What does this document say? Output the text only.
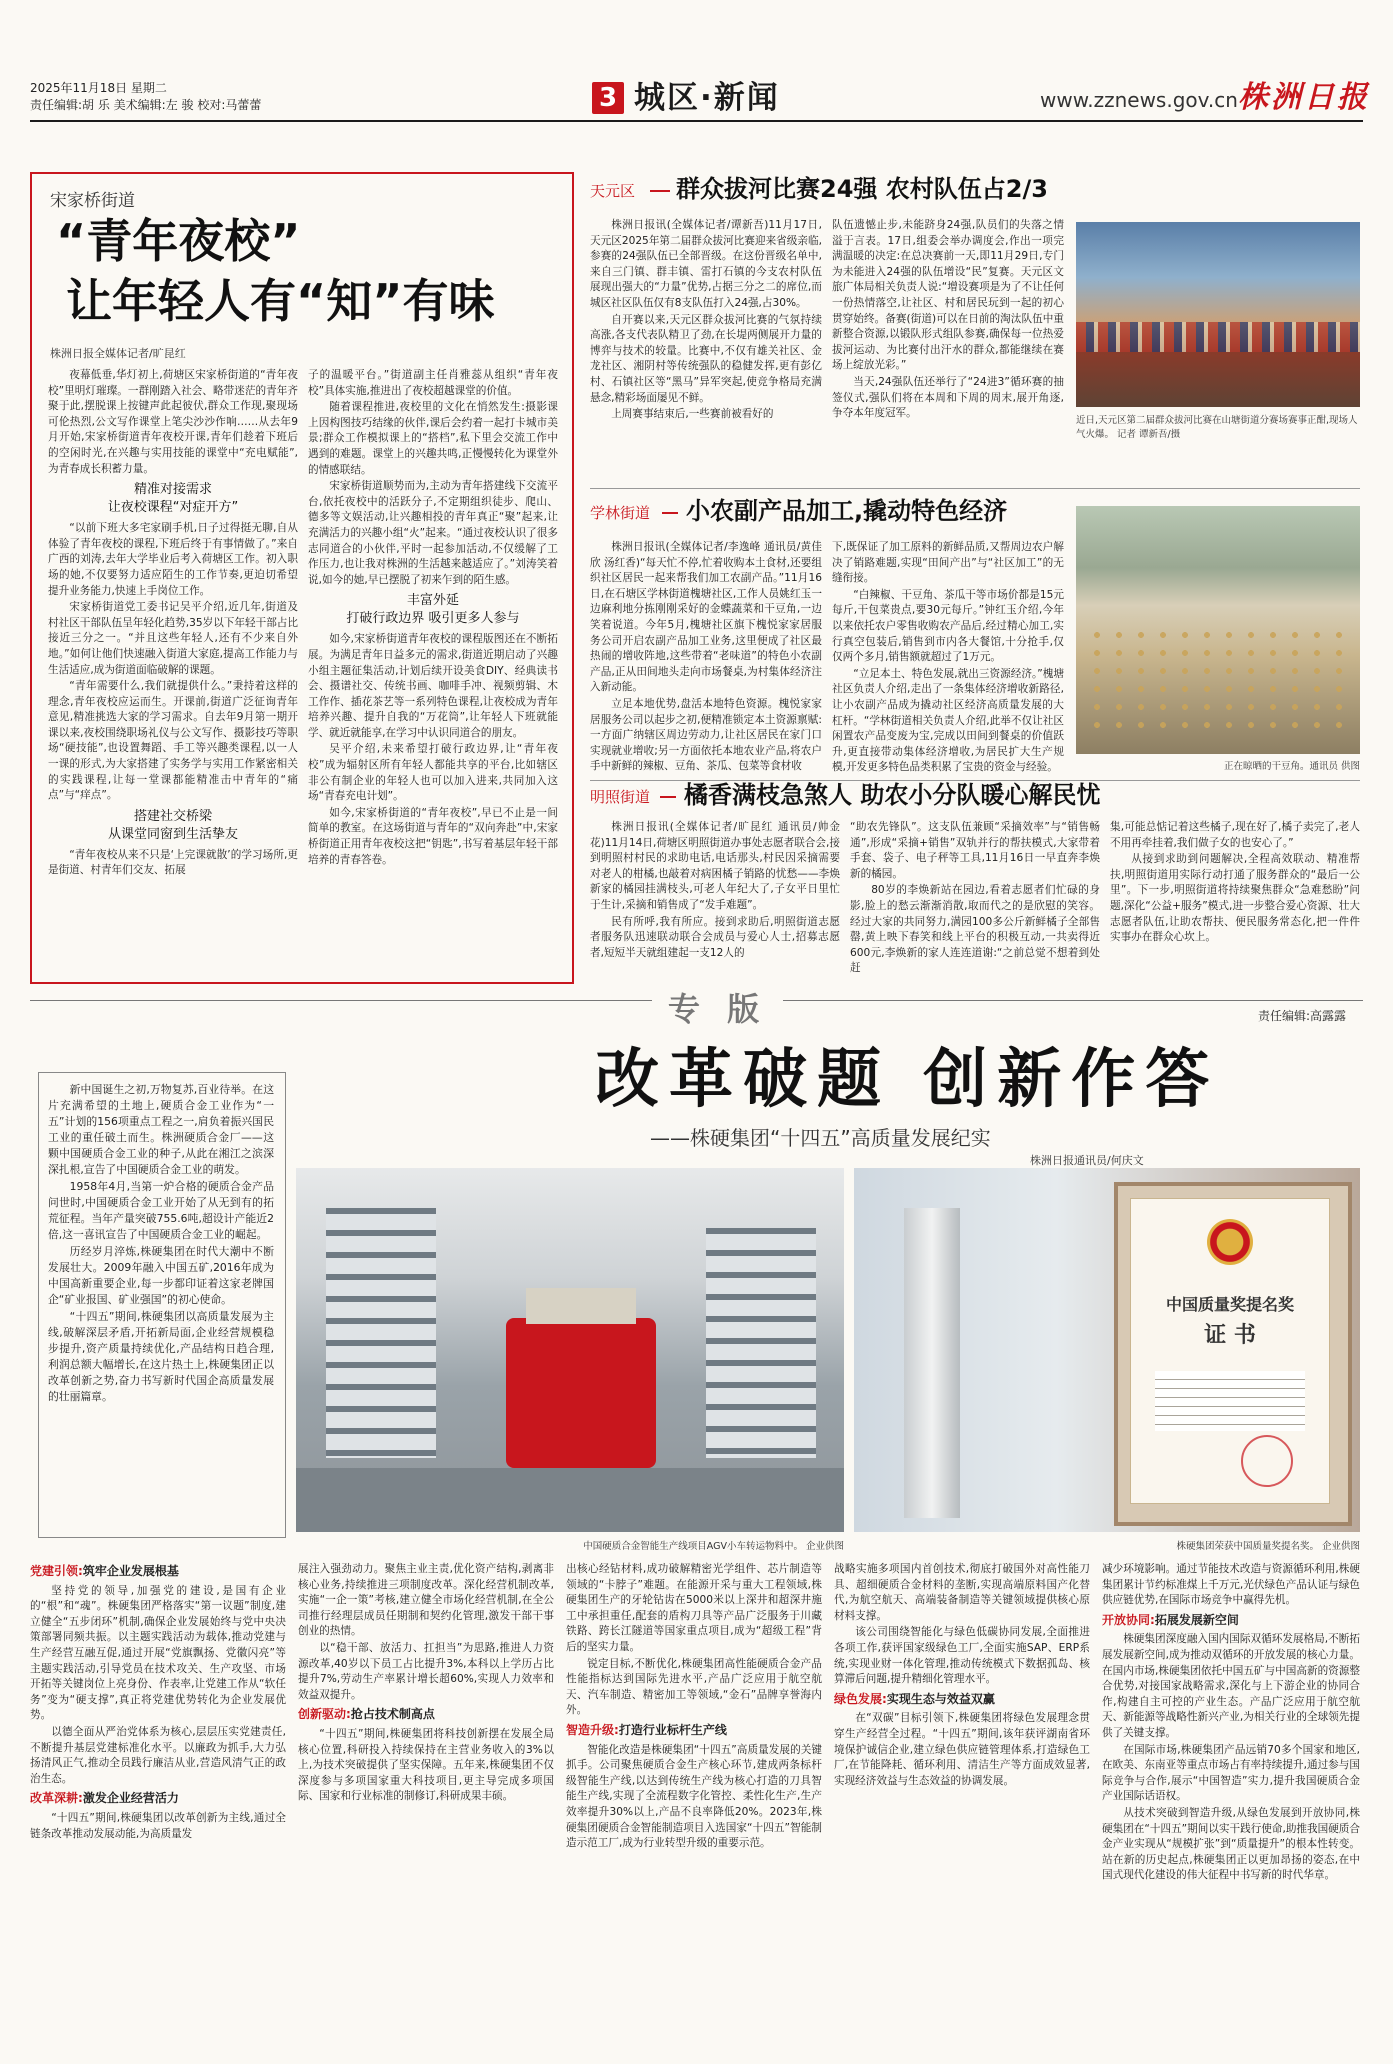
2025年11月18日 星期二
责任编辑:胡 乐 美术编辑:左 骏 校对:马蕾蕾	3 城区·新闻	www.zznews.gov.cn 株洲日报
宋家桥街道
“青年夜校”
让年轻人有“知”有味
株洲日报全媒体记者/旷昆红

夜幕低垂,华灯初上,荷塘区宋家桥街道的“青年夜校”里明灯璀璨。一群刚踏入社会、略带迷茫的青年齐聚于此,摆脱课上按键声此起彼伏,群众工作现,聚现场可伦热烈,公文写作课堂上笔尖沙沙作响……从去年9月开始,宋家桥街道青年夜校开课,青年们趁着下班后的空闲时光,在兴趣与实用技能的课堂中“充电赋能”,为青春成长积蓄力量。

精准对接需求
让夜校课程“对症开方”

“以前下班大多宅家刷手机,日子过得挺无聊,自从体验了青年夜校的课程,下班后终于有事情做了。”来自广西的刘涛,去年大学毕业后考入荷塘区工作。初入职场的她,不仅要努力适应陌生的工作节奏,更迫切希望提升业务能力,快速上手岗位工作。

宋家桥街道党工委书记吴平介绍,近几年,街道及村社区干部队伍呈年轻化趋势,35岁以下年轻干部占比接近三分之一。“并且这些年轻人,还有不少来自外地。”如何让他们快速融入街道大家庭,提高工作能力与生活适应,成为街道面临破解的课题。

“青年需要什么,我们就提供什么。”秉持着这样的理念,青年夜校应运而生。开课前,街道广泛征询青年意见,精准挑选大家的学习需求。自去年9月第一期开课以来,夜校围绕职场礼仪与公文写作、摄影技巧等职场“硬技能”,也设置舞蹈、手工等兴趣类课程,以一人一课的形式,为大家搭建了实务学与实用工作紧密相关的实践课程,让每一堂课都能精准击中青年的“痛点”与“痒点”。

搭建社交桥梁
从课堂同窗到生活挚友

“青年夜校从来不只是‘上完课就散’的学习场所,更是街道、村青年们交友、拓展

子的温暖平台。”街道副主任肖雅蕊从组织“青年夜校”具体实施,推进出了夜校超越课堂的价值。

随着课程推进,夜校里的文化在悄然发生:摄影课上因构图技巧结缘的伙伴,课后会约着一起打卡城市美景;群众工作模拟课上的“搭档”,私下里会交流工作中遇到的难题。课堂上的兴趣共鸣,正慢慢转化为课堂外的情感联结。

宋家桥街道顺势而为,主动为青年搭建线下交流平台,依托夜校中的活跃分子,不定期组织徒步、爬山、德多等文娱活动,让兴趣相投的青年真正“聚”起来,让充满活力的兴趣小组“火”起来。“通过夜校认识了很多志同道合的小伙伴,平时一起参加活动,不仅缓解了工作压力,也让我对株洲的生活越来越适应了。”刘涛笑着说,如今的她,早已摆脱了初来乍到的陌生感。

丰富外延
打破行政边界 吸引更多人参与

如今,宋家桥街道青年夜校的课程版图还在不断拓展。为满足青年日益多元的需求,街道近期启动了兴趣小组主题征集活动,计划后续开设美食DIY、经典读书会、摄谱社交、传统书画、咖啡手冲、视频剪辑、木工作作、插花茶艺等一系列特色课程,让夜校成为青年培养兴趣、提升自我的“万花筒”,让年轻人下班就能学、就近就能享,在学习中认识同道合的朋友。

吴平介绍,未来希望打破行政边界,让“青年夜校”成为辐射区所有年轻人都能共享的平台,比如辖区非公有制企业的年轻人也可以加入进来,共同加入这场“青春充电计划”。

如今,宋家桥街道的“青年夜校”,早已不止是一间简单的教室。在这场街道与青年的“双向奔赴”中,宋家桥街道正用青年夜校这把“钥匙”,书写着基层年轻干部培养的青春答卷。

天元区 群众拔河比赛24强 农村队伍占2/3

株洲日报讯(全媒体记者/谭新吾)11月17日,天元区2025年第二届群众拔河比赛迎来省级亲临,参赛的24强队伍已全部晋级。在这份晋级名单中,来自三门镇、群丰镇、雷打石镇的今支农村队伍展现出强大的“力量”优势,占据三分之二的席位,而城区社区队伍仅有8支队伍打入24强,占30%。

自开赛以来,天元区群众拔河比赛的气氛持续高涨,各支代表队精卫了劲,在长堤两侧展开力量的博弈与技术的较量。比赛中,不仅有雄关社区、金龙社区、湘阴村等传统强队的稳健发挥,更有彭亿村、石镇社区等“黑马”异军突起,使竞争格局充满悬念,精彩场面屡见不鲜。

上周赛事结束后,一些赛前被看好的

队伍遗憾止步,未能跻身24强,队员们的失落之情溢于言表。17日,组委会举办调度会,作出一项完满温暖的决定:在总决赛前一天,即11月29日,专门为未能进入24强的队伍增设“民”复赛。天元区文旅广体局相关负责人说:“增设赛项是为了不让任何一份热情落空,让社区、村和居民玩到一起的初心贯穿始终。备赛(街道)可以在日前的淘汰队伍中重新整合资源,以锻队形式组队参赛,确保每一位热爱拔河运动、为比赛付出汗水的群众,都能继续在赛场上绽放光彩。”

当天,24强队伍还举行了“24进3”循环赛的抽签仪式,强队们将在本周和下周的周末,展开角逐,争夺本年度冠军。

近日,天元区第二届群众拔河比赛在山塘街道分赛场赛事正酣,现场人气火爆。 记者 谭新吾/摄
学林街道 小农副产品加工,撬动特色经济

株洲日报讯(全媒体记者/李逸峰 通讯员/黄佳欣 汤红香)“每天忙不停,忙着收购本土食材,还要组织社区居民一起来帮我们加工农副产品。”11月16日,在石塘区学林街道槐塘社区,工作人员姚红玉一边麻利地分拣刚刚采好的金蝶蔬菜和干豆角,一边笑着说道。今年5月,槐塘社区旗下槐悦家家居服务公司开启农副产品加工业务,这里便成了社区最热闹的增收阵地,这些带着“老味道”的特色小农副产品,正从田间地头走向市场餐桌,为村集体经济注入新动能。

立足本地优势,盘活本地特色资源。槐悦家家居服务公司以起步之初,便精准锁定本土资源禀赋:一方面广纳辖区周边劳动力,让社区居民在家门口实现就业增收;另一方面依托本地农业产品,将农户手中新鲜的辣椒、豆角、茶瓜、包菜等食材收

下,既保证了加工原料的新鲜品质,又帮周边农户解决了销路难题,实现“田间产出”与“社区加工”的无缝衔接。

“白辣椒、干豆角、茶瓜干等市场价都是15元每斤,干包菜贵点,要30元每斤。”钟红玉介绍,今年以来依托农户零售收购农产品后,经过精心加工,实行真空包装后,销售到市内各大餐馆,十分抢手,仅仅两个多月,销售额就超过了1万元。

“立足本土、特色发展,就出三资源经济。”槐塘社区负责人介绍,走出了一条集体经济增收新路径,让小农副产品成为撬动社区经济高质量发展的大杠杆。“学林街道相关负责人介绍,此举不仅让社区闲置农产品变废为宝,完成以田间到餐桌的价值跃升,更直接带动集体经济增收,为居民扩大生产规模,开发更多特色品类积累了宝贵的资金与经验。	正在晾晒的干豆角。通讯员 供图
明照街道 橘香满枝急煞人 助农小分队暖心解民忧

株洲日报讯(全媒体记者/旷昆红 通讯员/帅金花)11月14日,荷塘区明照街道办事处志愿者联合会,接到明照村村民的求助电话,电话那头,村民因采摘需要对老人的柑橘,也敲着对病困橘子销路的忧愁——李焕新家的橘园挂满枝头,可老人年纪大了,子女平日里忙于生计,采摘和销售成了“发手难题”。

民有所呼,我有所应。接到求助后,明照街道志愿者服务队迅速联动联合会成员与爱心人士,招募志愿者,短短半天就组建起一支12人的

“助农先锋队”。这支队伍兼顾“采摘效率”与“销售畅通”,形成“采摘+销售”双轨并行的帮扶模式,大家带着手套、袋子、电子秤等工具,11月16日一早直奔李焕新的橘园。

80岁的李焕新站在园边,看着志愿者们忙碌的身影,脸上的愁云渐渐消散,取而代之的是欣慰的笑容。经过大家的共同努力,满园100多公斤新鲜橘子全部售罄,黄上映下春笑和线上平台的积极互动,一共卖得近600元,李焕新的家人连连道谢:“之前总觉不想着到处赶

集,可能总惦记着这些橘子,现在好了,橘子卖完了,老人不用再牵挂着,我们做子女的也安心了。”

从接到求助到问题解决,全程高效联动、精准帮扶,明照街道用实际行动打通了服务群众的“最后一公里”。下一步,明照街道将持续聚焦群众“急难愁盼”问题,深化“公益+服务”模式,进一步整合爱心资源、壮大志愿者队伍,让助农帮扶、便民服务常态化,把一件件实事办在群众心坎上。

专 版	责任编辑:高露露
改革破题 创新作答
——株硬集团“十四五”高质量发展纪实
株洲日报通讯员/何庆文

新中国诞生之初,万物复苏,百业待举。在这片充满希望的土地上,硬质合金工业作为“一五”计划的156项重点工程之一,肩负着振兴国民工业的重任破土而生。株洲硬质合金厂——这颗中国硬质合金工业的种子,从此在湘江之滨深深扎根,宣告了中国硬质合金工业的萌发。

1958年4月,当第一炉合格的硬质合金产品问世时,中国硬质合金工业开始了从无到有的拓荒征程。当年产量突破755.6吨,超设计产能近2倍,这一喜讯宣告了中国硬质合金工业的崛起。

历经岁月淬炼,株硬集团在时代大潮中不断发展壮大。2009年融入中国五矿,2016年成为中国高新重要企业,每一步都印证着这家老牌国企“矿业报国、矿业强国”的初心使命。

“十四五”期间,株硬集团以高质量发展为主线,破解深层矛盾,开拓新局面,企业经营规模稳步提升,资产质量持续优化,产品结构日趋合理,利润总额大幅增长,在这片热土上,株硬集团正以改革创新之势,奋力书写新时代国企高质量发展的壮丽篇章。

中国硬质合金智能生产线项目AGV小车转运物料中。 企业供图
中国质量奖提名奖
证 书
株硬集团荣获中国质量奖提名奖。 企业供图
党建引领:筑牢企业发展根基

坚持党的领导,加强党的建设,是国有企业的“根”和“魂”。株硬集团严格落实“第一议题”制度,建立健全“五步闭环”机制,确保企业发展始终与党中央决策部署同频共振。以主题实践活动为载体,推动党建与生产经营互融互促,通过开展“党旗飘扬、党徽闪亮”等主题实践活动,引导党员在技术攻关、生产攻坚、市场开拓等关键岗位上亮身份、作表率,让党建工作从“软任务”变为“硬支撑”,真正将党建优势转化为企业发展优势。

以德全面从严治党体系为核心,层层压实党建责任,不断提升基层党建标准化水平。以廉政为抓手,大力弘扬清风正气,推动全员践行廉洁从业,营造风清气正的政治生态。

改革深耕:激发企业经营活力

“十四五”期间,株硬集团以改革创新为主线,通过全链条改革推动发展动能,为高质量发

展注入强劲动力。聚焦主业主责,优化资产结构,剥离非核心业务,持续推进三项制度改革。深化经营机制改革,实施“一企一策”考核,建立健全市场化经营机制,在全公司推行经理层成员任期制和契约化管理,激发干部干事创业的热情。

以“稳干部、放活力、扛担当”为思路,推进人力资源改革,40岁以下员工占比提升3%,本科以上学历占比提升7%,劳动生产率累计增长超60%,实现人力效率和效益双提升。

创新驱动:抢占技术制高点

“十四五”期间,株硬集团将科技创新摆在发展全局核心位置,科研投入持续保持在主营业务收入的3%以上,为技术突破提供了坚实保障。五年来,株硬集团不仅深度参与多项国家重大科技项目,更主导完成多项国际、国家和行业标准的制修订,科研成果丰硕。

出核心经钻材料,成功破解精密光学组件、芯片制造等领域的“卡脖子”难题。在能源开采与重大工程领域,株硬集团生产的牙轮钻齿在5000米以上深井和超深井施工中承担重任,配套的盾构刀具等产品广泛服务于川藏铁路、跨长江隧道等国家重点项目,成为“超级工程”背后的坚实力量。

锐定目标,不断优化,株硬集团高性能硬质合金产品性能指标达到国际先进水平,产品广泛应用于航空航天、汽车制造、精密加工等领域,“金石”品牌享誉海内外。

智造升级:打造行业标杆生产线

智能化改造是株硬集团“十四五”高质量发展的关键抓手。公司聚焦硬质合金生产核心环节,建成两条标杆级智能生产线,以达到传统生产线为核心打造的刀具智能生产线,实现了全流程数字化管控、柔性化生产,生产效率提升30%以上,产品不良率降低20%。2023年,株硬集团硬质合金智能制造项目入选国家“十四五”智能制造示范工厂,成为行业转型升级的重要示范。

战略实施多项国内首创技术,彻底打破国外对高性能刀具、超细硬质合金材料的垄断,实现高端原料国产化替代,为航空航天、高端装备制造等关键领域提供核心原材料支撑。

该公司围绕智能化与绿色低碳协同发展,全面推进各项工作,获评国家级绿色工厂,全面实施SAP、ERP系统,实现业财一体化管理,推动传统模式下数据孤岛、核算滞后问题,提升精细化管理水平。

绿色发展:实现生态与效益双赢

在“双碳”目标引领下,株硬集团将绿色发展理念贯穿生产经营全过程。“十四五”期间,该年获评湖南省环境保护诚信企业,建立绿色供应链管理体系,打造绿色工厂,在节能降耗、循环利用、清洁生产等方面成效显著,实现经济效益与生态效益的协调发展。

减少环境影响。通过节能技术改造与资源循环利用,株硬集团累计节约标准煤上千万元,光伏绿色产品认证与绿色供应链优势,在国际市场竞争中赢得先机。

开放协同:拓展发展新空间

株硬集团深度融入国内国际双循环发展格局,不断拓展发展新空间,成为推动双循环的开放发展的核心力量。在国内市场,株硬集团依托中国五矿与中国高新的资源整合优势,对接国家战略需求,深化与上下游企业的协同合作,构建自主可控的产业生态。产品广泛应用于航空航天、新能源等战略性新兴产业,为相关行业的全球领先提供了关键支撑。

在国际市场,株硬集团产品远销70多个国家和地区,在欧美、东南亚等重点市场占有率持续提升,通过参与国际竞争与合作,展示“中国智造”实力,提升我国硬质合金产业国际话语权。

从技术突破到智造升级,从绿色发展到开放协同,株硬集团在“十四五”期间以实干践行使命,助推我国硬质合金产业实现从“规模扩张”到“质量提升”的根本性转变。站在新的历史起点,株硬集团正以更加昂扬的姿态,在中国式现代化建设的伟大征程中书写新的时代华章。
